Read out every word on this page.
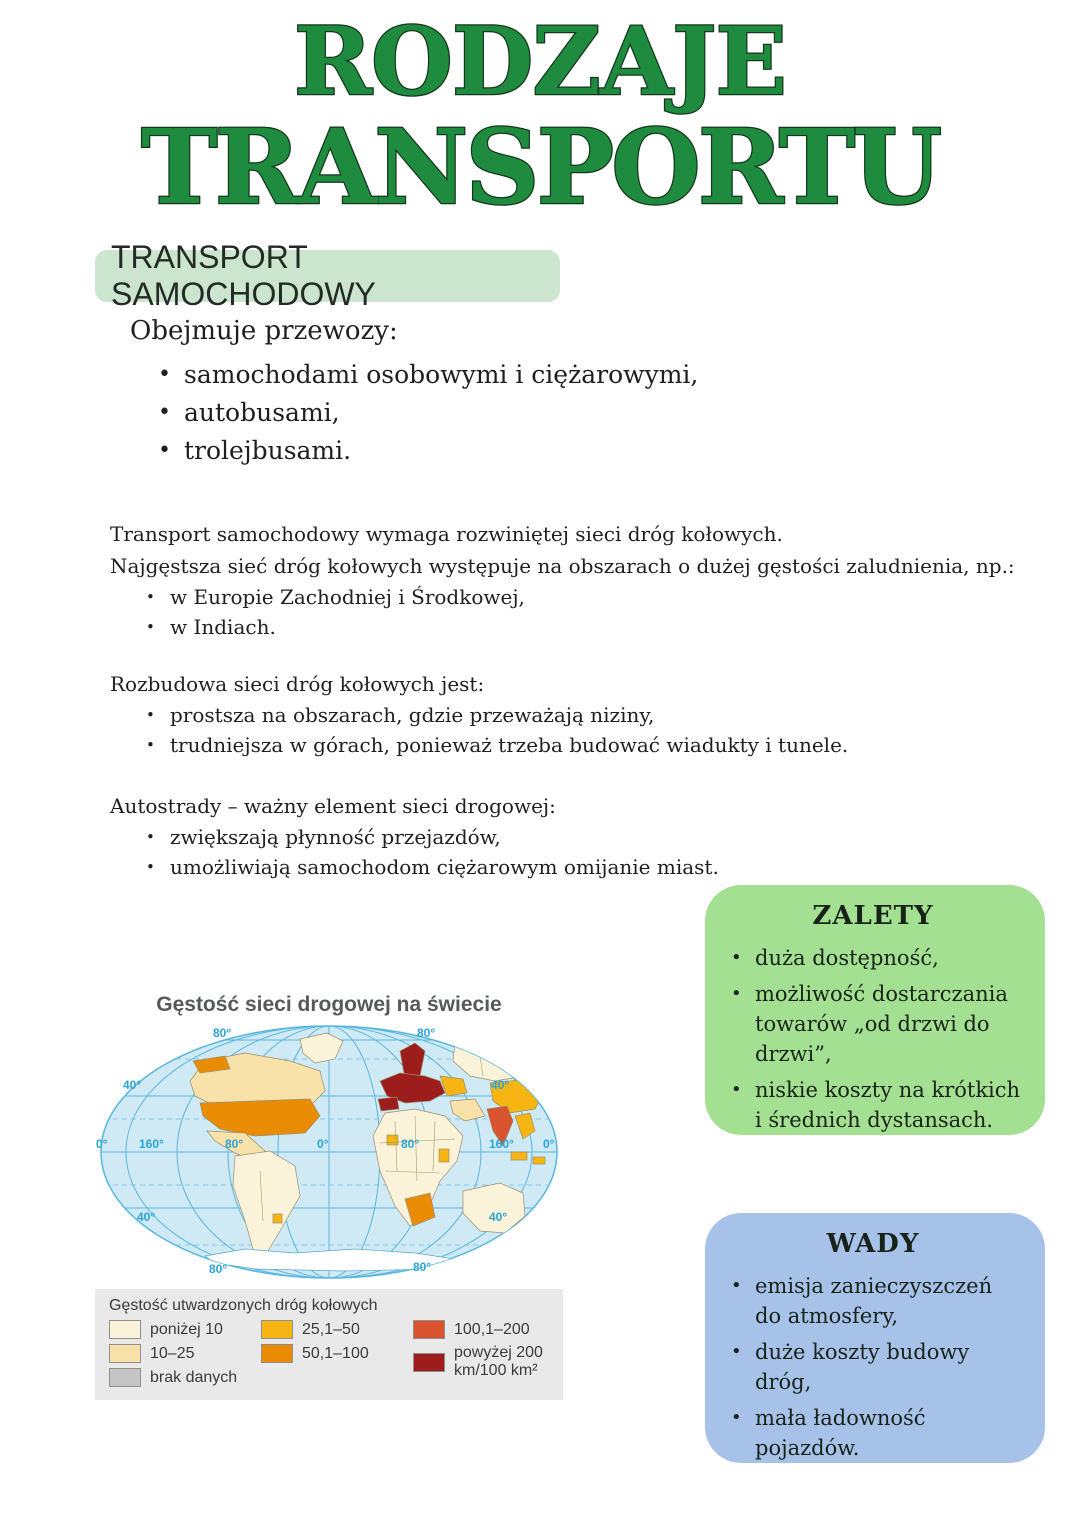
RODZAJE
TRANSPORTU
TRANSPORT SAMOCHODOWY
Obejmuje przewozy:
• samochodami osobowymi i ciężarowymi,
• autobusami,
• trolejbusami.

Transport samochodowy wymaga rozwiniętej sieci dróg kołowych.

Najgęstsza sieć dróg kołowych występuje na obszarach o dużej gęstości zaludnienia, np.:

• w Europie Zachodniej i Środkowej,
• w Indiach.

Rozbudowa sieci dróg kołowych jest:

• prostsza na obszarach, gdzie przeważają niziny,
• trudniejsza w górach, ponieważ trzeba budować wiadukty i tunele.

Autostrady – ważny element sieci drogowej:

• zwiększają płynność przejazdów,
• umożliwiają samochodom ciężarowym omijanie miast.
ZALETY
• duża dostępność,
• możliwość dostarczania towarów „od drzwi do drzwi”,
• niskie koszty na krótkich i średnich dystansach.
WADY
• emisja zanieczyszczeń do atmosfery,
• duże koszty budowy dróg,
• mała ładowność pojazdów.
Gęstość sieci drogowej na świecie
80°	80°
40°	40°
0°	160°	80°	0°	80°	160° 0°
40°	40°
80°	80°
Gęstość utwardzonych dróg kołowych
poniżej 10
10–25
brak danych
25,1–50
50,1–100
100,1–200
powyżej 200 km/100 km²
